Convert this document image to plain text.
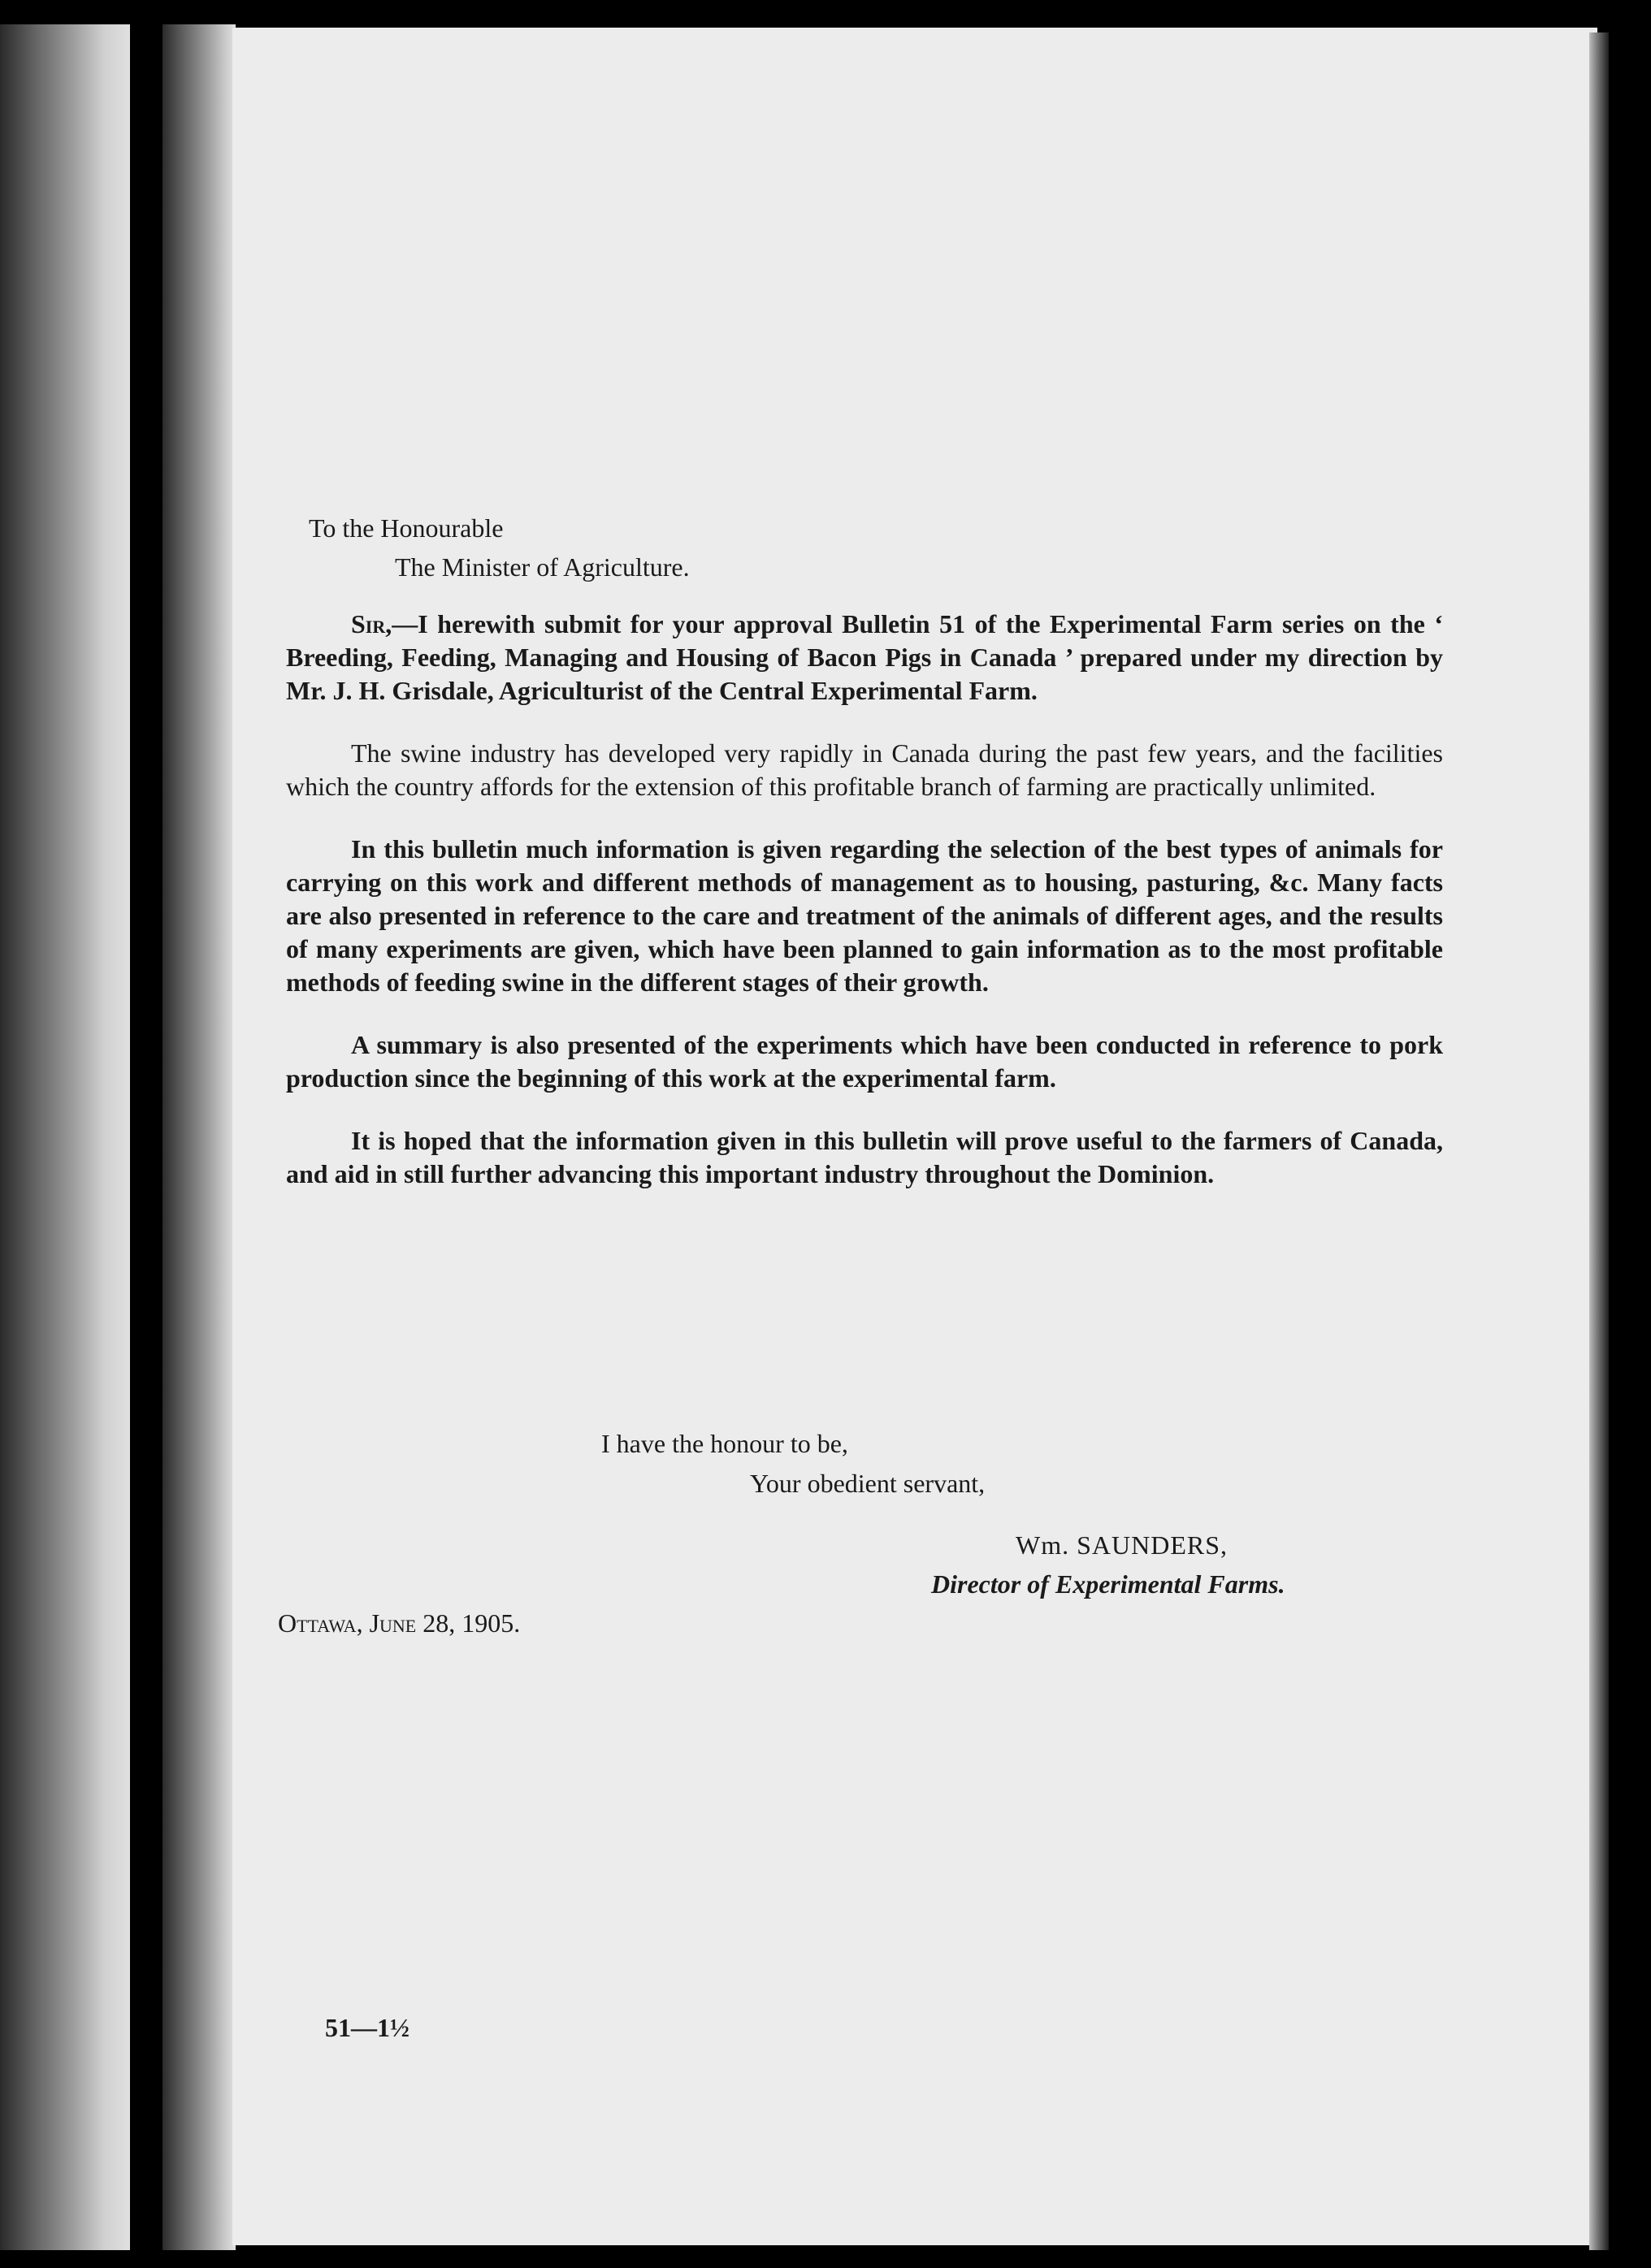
To the Honourable
The Minister of Agriculture.

Sir,—I herewith submit for your approval Bulletin 51 of the Experimental Farm series on the ‘ Breeding, Feeding, Managing and Housing of Bacon Pigs in Canada ’ prepared under my direction by Mr. J. H. Grisdale, Agriculturist of the Central Experimental Farm.

The swine industry has developed very rapidly in Canada during the past few years, and the facilities which the country affords for the extension of this profitable branch of farming are practically unlimited.

In this bulletin much information is given regarding the selection of the best types of animals for carrying on this work and different methods of management as to housing, pasturing, &c. Many facts are also presented in reference to the care and treatment of the animals of different ages, and the results of many experiments are given, which have been planned to gain information as to the most profitable methods of feeding swine in the different stages of their growth.

A summary is also presented of the experiments which have been conducted in reference to pork production since the beginning of this work at the experimental farm.

It is hoped that the information given in this bulletin will prove useful to the farmers of Canada, and aid in still further advancing this important industry throughout the Dominion.

I have the honour to be,
Your obedient servant,
Wm. SAUNDERS,
Director of Experimental Farms.
Ottawa, June 28, 1905.
51—1½
